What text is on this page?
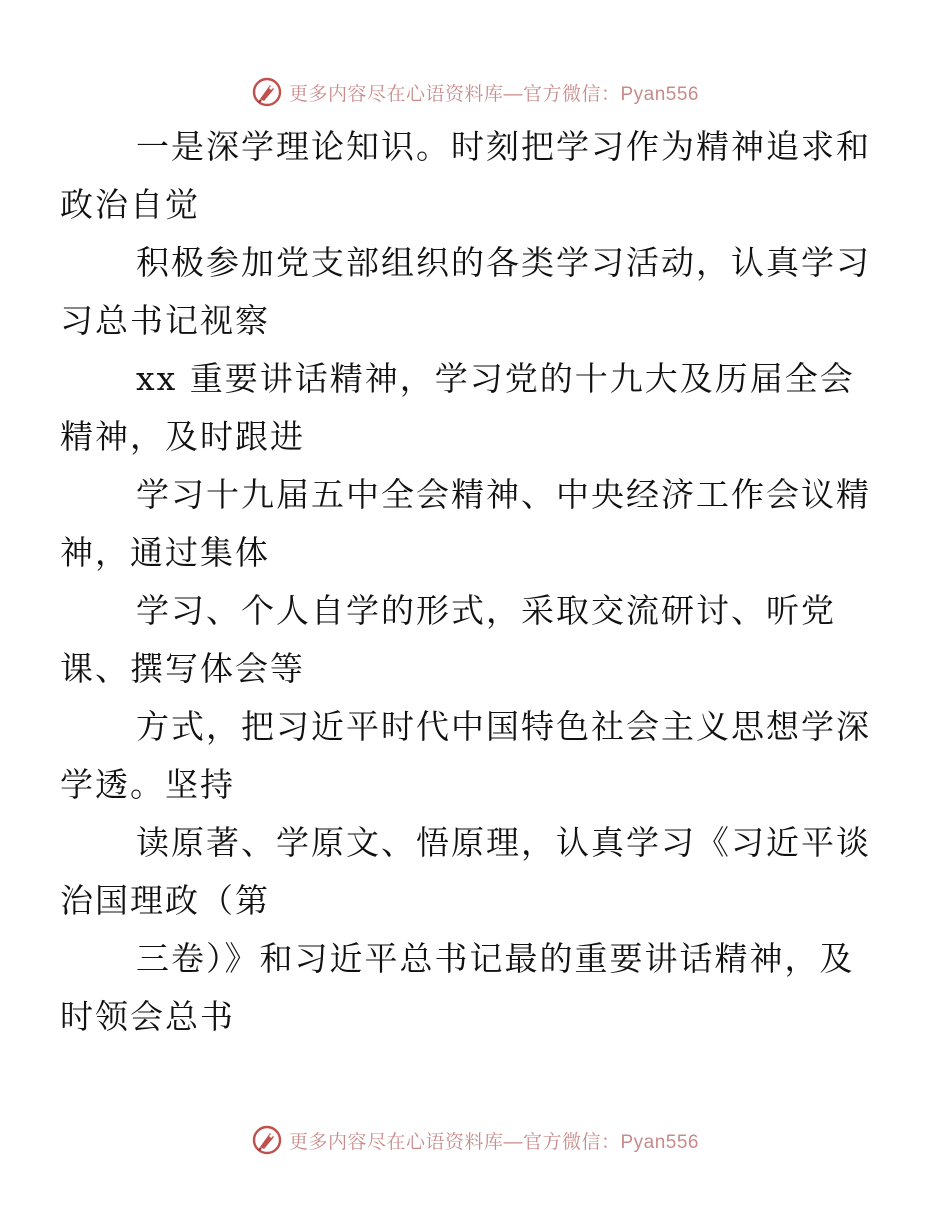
更多内容尽在心语资料库—官方微信：Pyan556

一是深学理论知识。时刻把学习作为精神追求和
政治自觉

积极参加党支部组织的各类学习活动，认真学习
习总书记视察

xx 重要讲话精神，学习党的十九大及历届全会
精神，及时跟进

学习十九届五中全会精神、中央经济工作会议精
神，通过集体

学习、个人自学的形式，采取交流研讨、听党
课、撰写体会等

方式，把习近平时代中国特色社会主义思想学深
学透。坚持

读原著、学原文、悟原理，认真学习《习近平谈
治国理政（第

三卷）》和习近平总书记最的重要讲话精神，及
时领会总书

更多内容尽在心语资料库—官方微信：Pyan556
